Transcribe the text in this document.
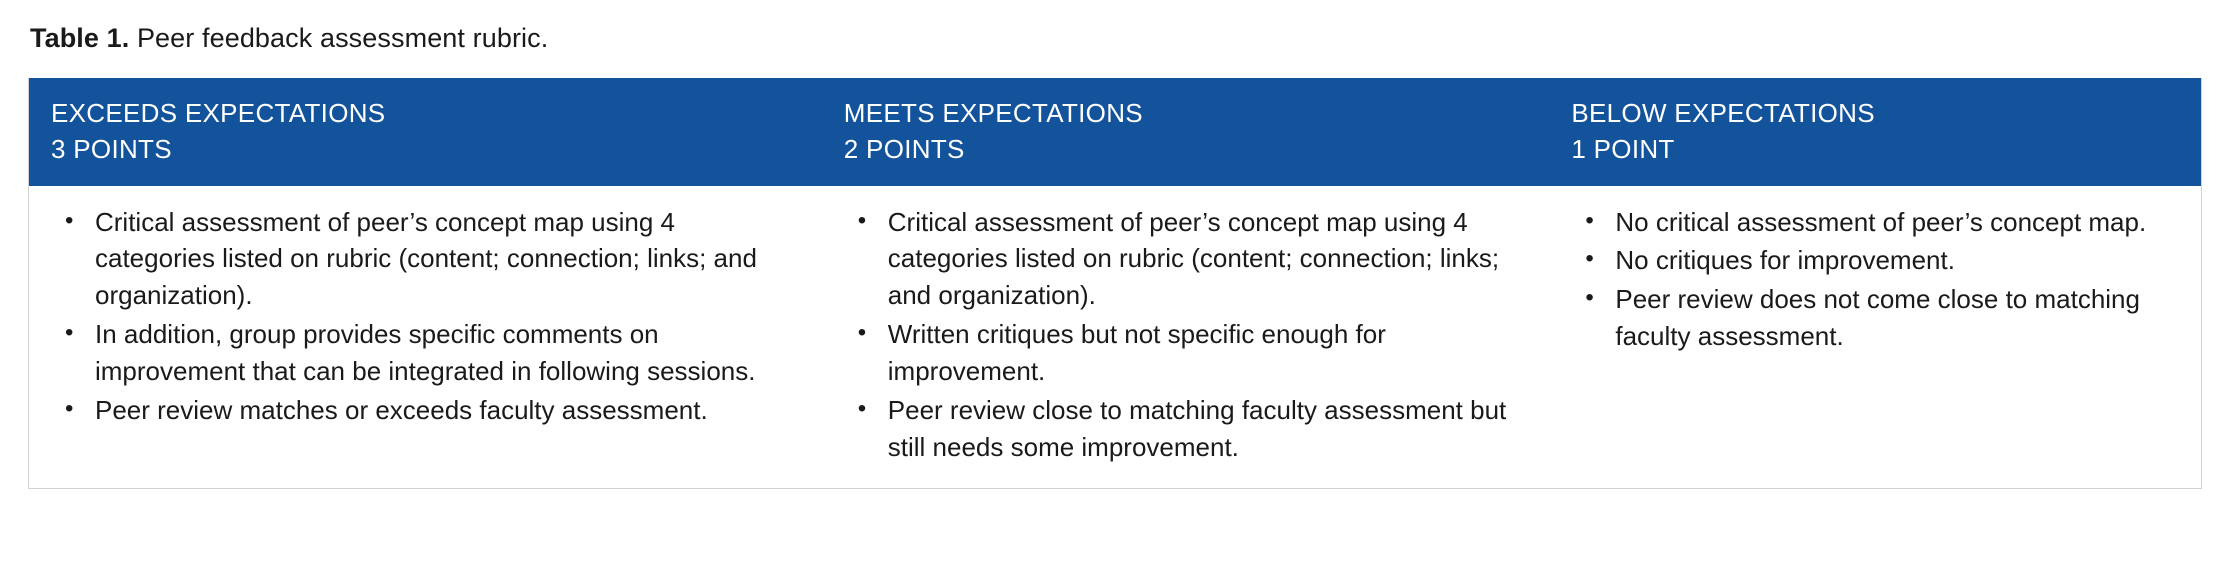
Table 1. Peer feedback assessment rubric.

EXCEEDS EXPECTATIONS
3 POINTS
MEETS EXPECTATIONS
2 POINTS
BELOW EXPECTATIONS
1 POINT
• Critical assessment of peer’s concept map using 4 categories listed on rubric (content; connection; links; and organization).
• In addition, group provides specific comments on improvement that can be integrated in following sessions.
• Peer review matches or exceeds faculty assessment.
• Critical assessment of peer’s concept map using 4 categories listed on rubric (content; connection; links; and organization).
• Written critiques but not specific enough for improvement.
• Peer review close to matching faculty assessment but still needs some improvement.
• No critical assessment of peer’s concept map.
• No critiques for improvement.
• Peer review does not come close to matching faculty assessment.
